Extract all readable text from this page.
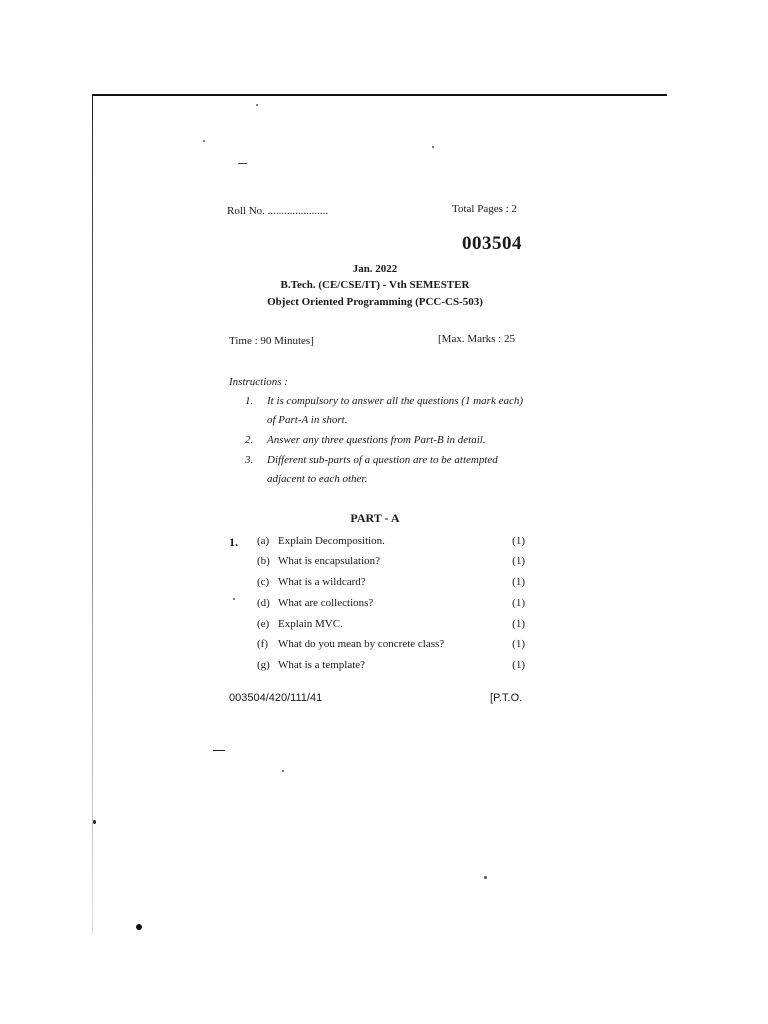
Roll No. ......................	Total Pages : 2
003504
Jan. 2022
B.Tech. (CE/CSE/IT) - Vth SEMESTER
Object Oriented Programming (PCC-CS-503)
Time : 90 Minutes]	[Max. Marks : 25
Instructions :
1. It is compulsory to answer all the questions (1 mark each) of Part-A in short.
2. Answer any three questions from Part-B in detail.
3. Different sub-parts of a question are to be attempted adjacent to each other.
PART - A
1. (a) Explain Decomposition.	(1)
(b) What is encapsulation?	(1)
(c) What is a wildcard?	(1)
(d) What are collections?	(1)
(e) Explain MVC.	(1)
(f) What do you mean by concrete class?	(1)
(g) What is a template?	(1)
003504/420/111/41	[P.T.O.
